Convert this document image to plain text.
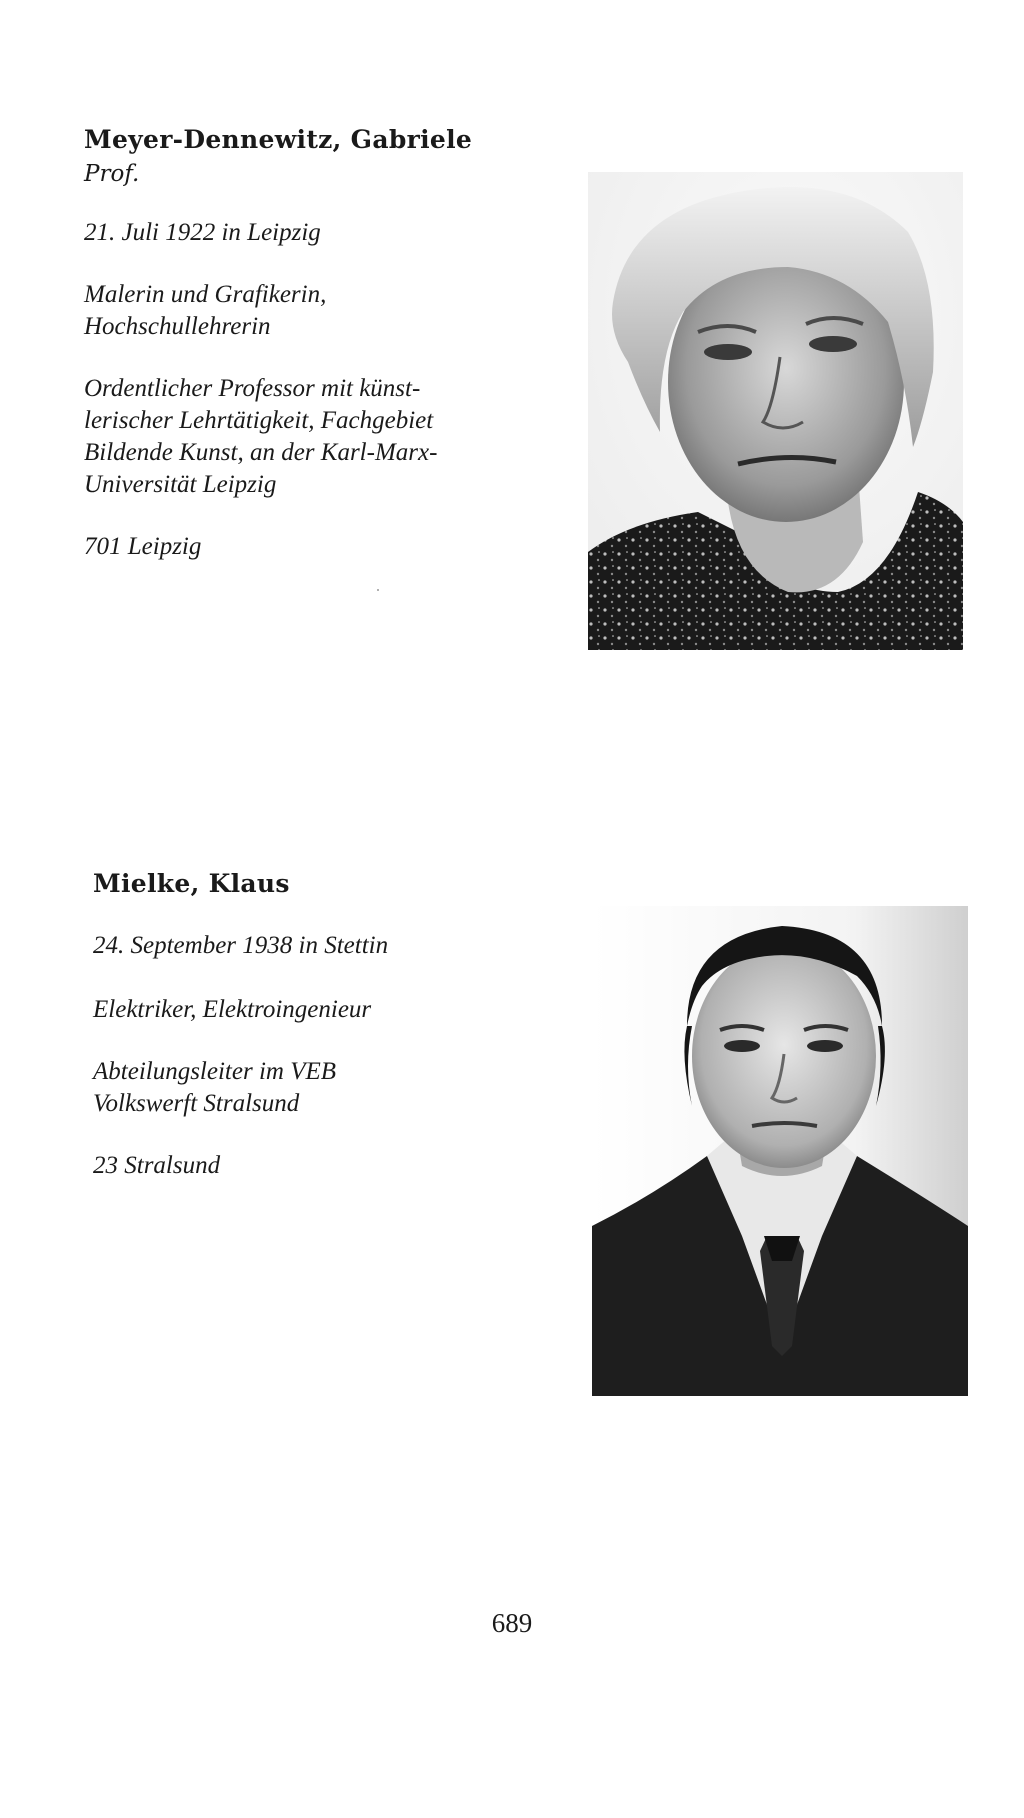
Meyer-Dennewitz, Gabriele

Prof.

21. Juli 1922 in Leipzig

Malerin und Grafikerin,

Hochschullehrerin

Ordentlicher Professor mit künst-

lerischer Lehrtätigkeit, Fachgebiet

Bildende Kunst, an der Karl-Marx-

Universität Leipzig

701 Leipzig

Mielke, Klaus

24. September 1938 in Stettin

Elektriker, Elektroingenieur

Abteilungsleiter im VEB

Volkswerft Stralsund

23 Stralsund

689
